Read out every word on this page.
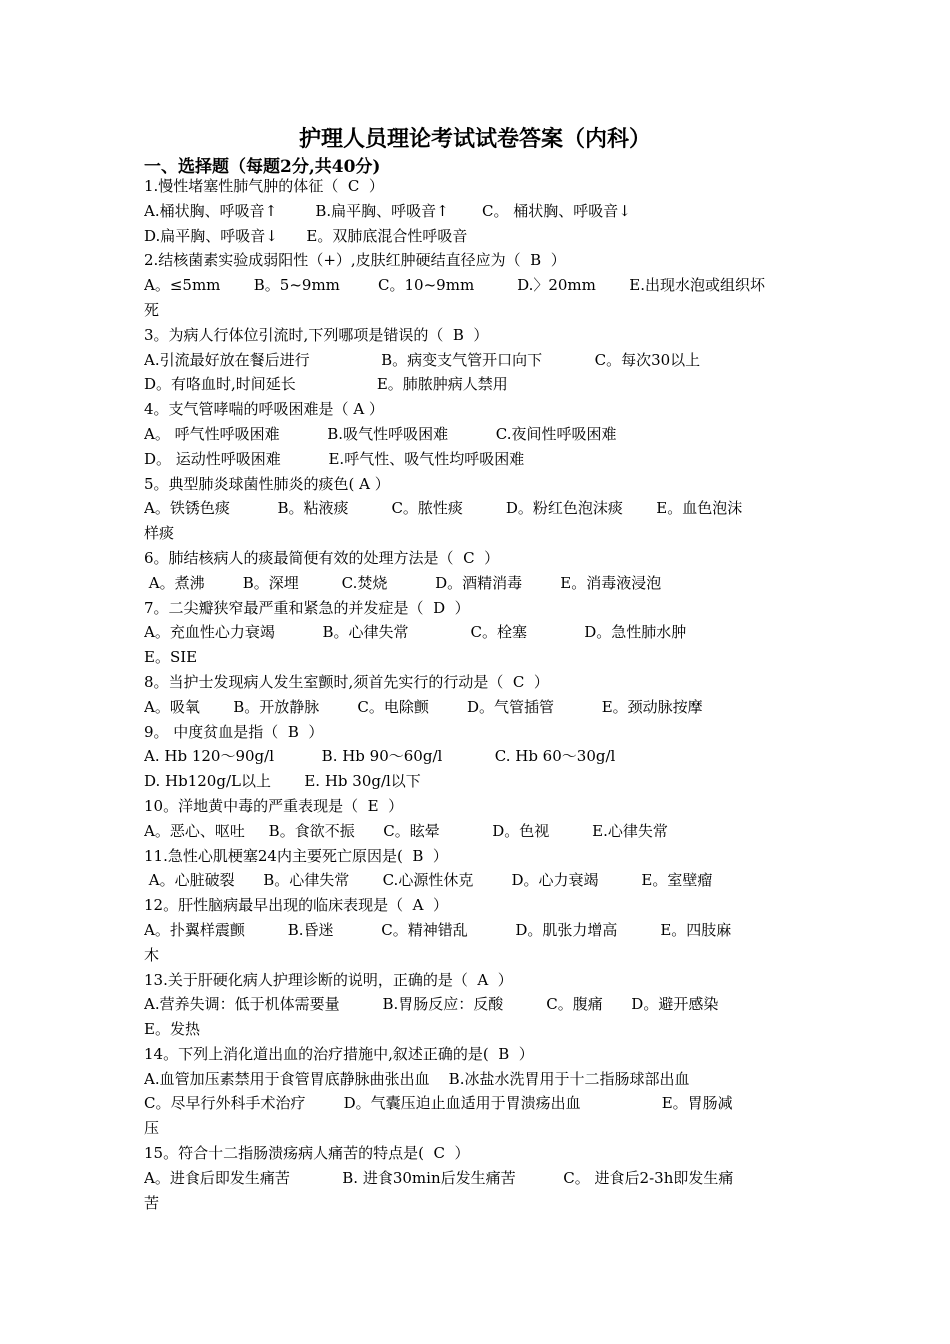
护理人员理论考试试卷答案（内科）
一、选择题（每题2分,共40分)
1.慢性堵塞性肺气肿的体征（  C  ）
A.桶状胸、呼吸音↑        B.扁平胸、呼吸音↑       C。 桶状胸、呼吸音↓
D.扁平胸、呼吸音↓      E。双肺底混合性呼吸音
2.结核菌素实验成弱阳性（+）,皮肤红肿硬结直径应为（  B  ）
A。≤5mm       B。5~9mm        C。10~9mm         D.〉20mm       E.出现水泡或组织坏
死
3。为病人行体位引流时,下列哪项是错误的（  B  ）
A.引流最好放在餐后进行               B。病变支气管开口向下           C。每次30以上
D。有咯血时,时间延长                 E。肺脓肿病人禁用
4。支气管哮喘的呼吸困难是（ A ）
A。 呼气性呼吸困难          B.吸气性呼吸困难          C.夜间性呼吸困难
D。 运动性呼吸困难          E.呼气性、吸气性均呼吸困难
5。典型肺炎球菌性肺炎的痰色( A ）
A。铁锈色痰          B。粘液痰         C。脓性痰         D。粉红色泡沫痰       E。血色泡沫
样痰
6。肺结核病人的痰最简便有效的处理方法是（  C  ）
A。煮沸        B。深埋         C.焚烧          D。酒精消毒        E。消毒液浸泡
7。二尖瓣狭窄最严重和紧急的并发症是（  D  ）
A。充血性心力衰竭          B。心律失常             C。栓塞            D。急性肺水肿
E。SIE
8。当护士发现病人发生室颤时,须首先实行的行动是（  C  ）
A。吸氧       B。开放静脉        C。电除颤        D。气管插管          E。颈动脉按摩
9。 中度贫血是指（  B  ）
A. Hb 120～90g/l          B. Hb 90～60g/l           C. Hb 60～30g/l
D. Hb120g/L以上       E. Hb 30g/l以下
10。洋地黄中毒的严重表现是（  E  ）
A。恶心、呕吐     B。食欲不振      C。眩晕           D。色视         E.心律失常
11.急性心肌梗塞24内主要死亡原因是(  B  ）
A。心脏破裂      B。心律失常       C.心源性休克        D。心力衰竭         E。室壁瘤
12。肝性脑病最早出现的临床表现是（  A  ）
A。扑翼样震颤         B.昏迷          C。精神错乱          D。肌张力增高         E。四肢麻
木
13.关于肝硬化病人护理诊断的说明，正确的是（  A  ）
A.营养失调：低于机体需要量         B.胃肠反应：反酸         C。腹痛      D。避开感染
E。发热
14。下列上消化道出血的治疗措施中,叙述正确的是(  B  ）
A.血管加压素禁用于食管胃底静脉曲张出血    B.冰盐水洗胃用于十二指肠球部出血
C。尽早行外科手术治疗        D。气囊压迫止血适用于胃溃疡出血                 E。胃肠减
压
15。符合十二指肠溃疡病人痛苦的特点是(  C  ）
A。进食后即发生痛苦           B. 进食30min后发生痛苦          C。 进食后2-3h即发生痛
苦
